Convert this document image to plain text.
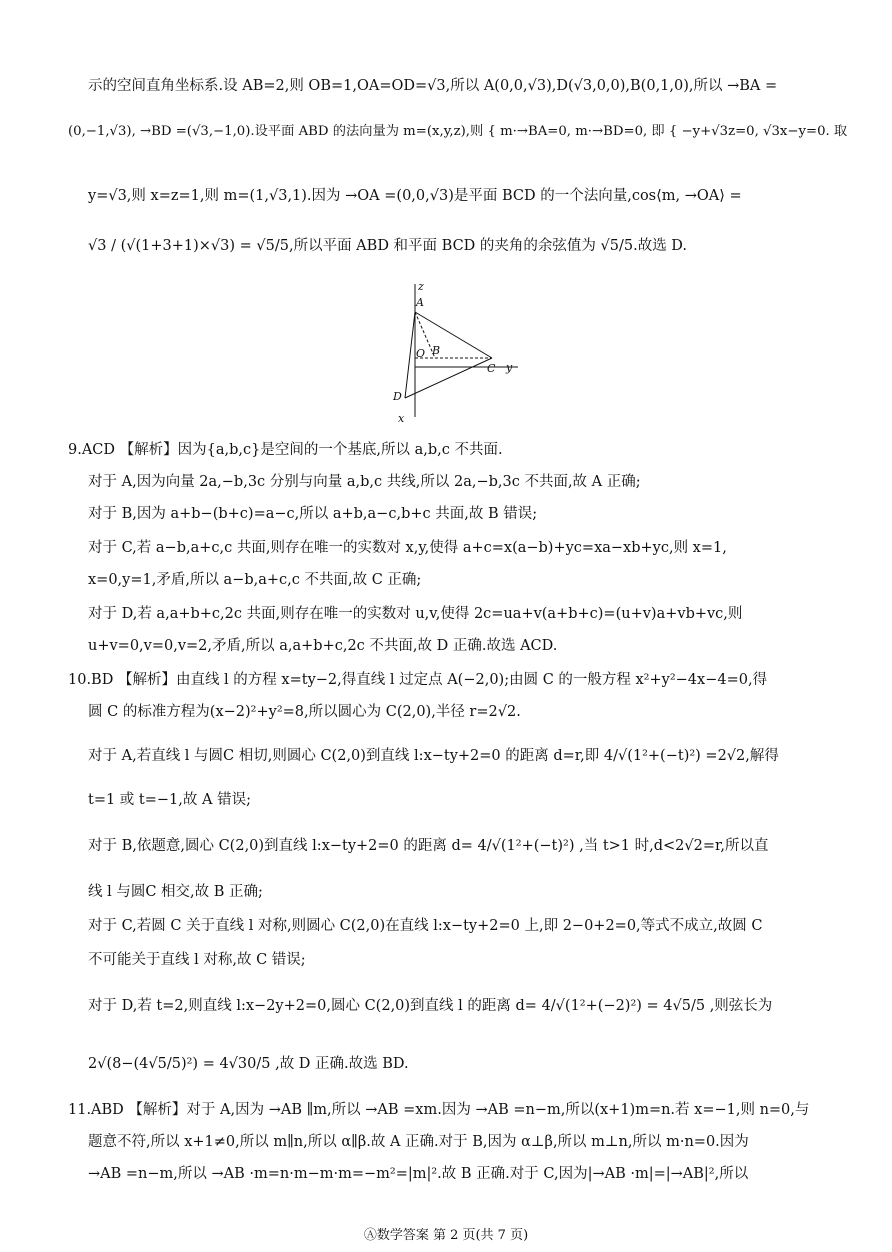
示的空间直角坐标系.设 AB=2,则 OB=1,OA=OD=√3,所以 A(0,0,√3),D(√3,0,0),B(0,1,0),所以 →BA =
(0,−1,√3), →BD =(√3,−1,0).设平面 ABD 的法向量为 m=(x,y,z),则 { m·→BA=0, m·→BD=0, 即 { −y+√3z=0, √3x−y=0. 取
y=√3,则 x=z=1,则 m=(1,√3,1).因为 →OA =(0,0,√3)是平面 BCD 的一个法向量,cos⟨m, →OA⟩ =
√3 / (√(1+3+1)×√3) = √5/5,所以平面 ABD 和平面 BCD 的夹角的余弦值为 √5/5.故选 D.
z
A
O B
C y
D
x
9.ACD 【解析】因为{a,b,c}是空间的一个基底,所以 a,b,c 不共面.
对于 A,因为向量 2a,−b,3c 分别与向量 a,b,c 共线,所以 2a,−b,3c 不共面,故 A 正确;
对于 B,因为 a+b−(b+c)=a−c,所以 a+b,a−c,b+c 共面,故 B 错误;
对于 C,若 a−b,a+c,c 共面,则存在唯一的实数对 x,y,使得 a+c=x(a−b)+yc=xa−xb+yc,则 x=1,
x=0,y=1,矛盾,所以 a−b,a+c,c 不共面,故 C 正确;
对于 D,若 a,a+b+c,2c 共面,则存在唯一的实数对 u,v,使得 2c=ua+v(a+b+c)=(u+v)a+vb+vc,则
u+v=0,v=0,v=2,矛盾,所以 a,a+b+c,2c 不共面,故 D 正确.故选 ACD.
10.BD 【解析】由直线 l 的方程 x=ty−2,得直线 l 过定点 A(−2,0);由圆 C 的一般方程 x²+y²−4x−4=0,得
圆 C 的标准方程为(x−2)²+y²=8,所以圆心为 C(2,0),半径 r=2√2.
对于 A,若直线 l 与圆C 相切,则圆心 C(2,0)到直线 l:x−ty+2=0 的距离 d=r,即 4/√(1²+(−t)²) =2√2,解得
t=1 或 t=−1,故 A 错误;
对于 B,依题意,圆心 C(2,0)到直线 l:x−ty+2=0 的距离 d= 4/√(1²+(−t)²) ,当 t>1 时,d<2√2=r,所以直
线 l 与圆C 相交,故 B 正确;
对于 C,若圆 C 关于直线 l 对称,则圆心 C(2,0)在直线 l:x−ty+2=0 上,即 2−0+2=0,等式不成立,故圆 C
不可能关于直线 l 对称,故 C 错误;
对于 D,若 t=2,则直线 l:x−2y+2=0,圆心 C(2,0)到直线 l 的距离 d= 4/√(1²+(−2)²) = 4√5/5 ,则弦长为
2√(8−(4√5/5)²) = 4√30/5 ,故 D 正确.故选 BD.
11.ABD 【解析】对于 A,因为 →AB ∥m,所以 →AB =xm.因为 →AB =n−m,所以(x+1)m=n.若 x=−1,则 n=0,与
题意不符,所以 x+1≠0,所以 m∥n,所以 α∥β.故 A 正确.对于 B,因为 α⊥β,所以 m⊥n,所以 m·n=0.因为
→AB =n−m,所以 →AB ·m=n·m−m·m=−m²=|m|².故 B 正确.对于 C,因为|→AB ·m|=|→AB|²,所以
Ⓐ数学答案 第 2 页(共 7 页)
